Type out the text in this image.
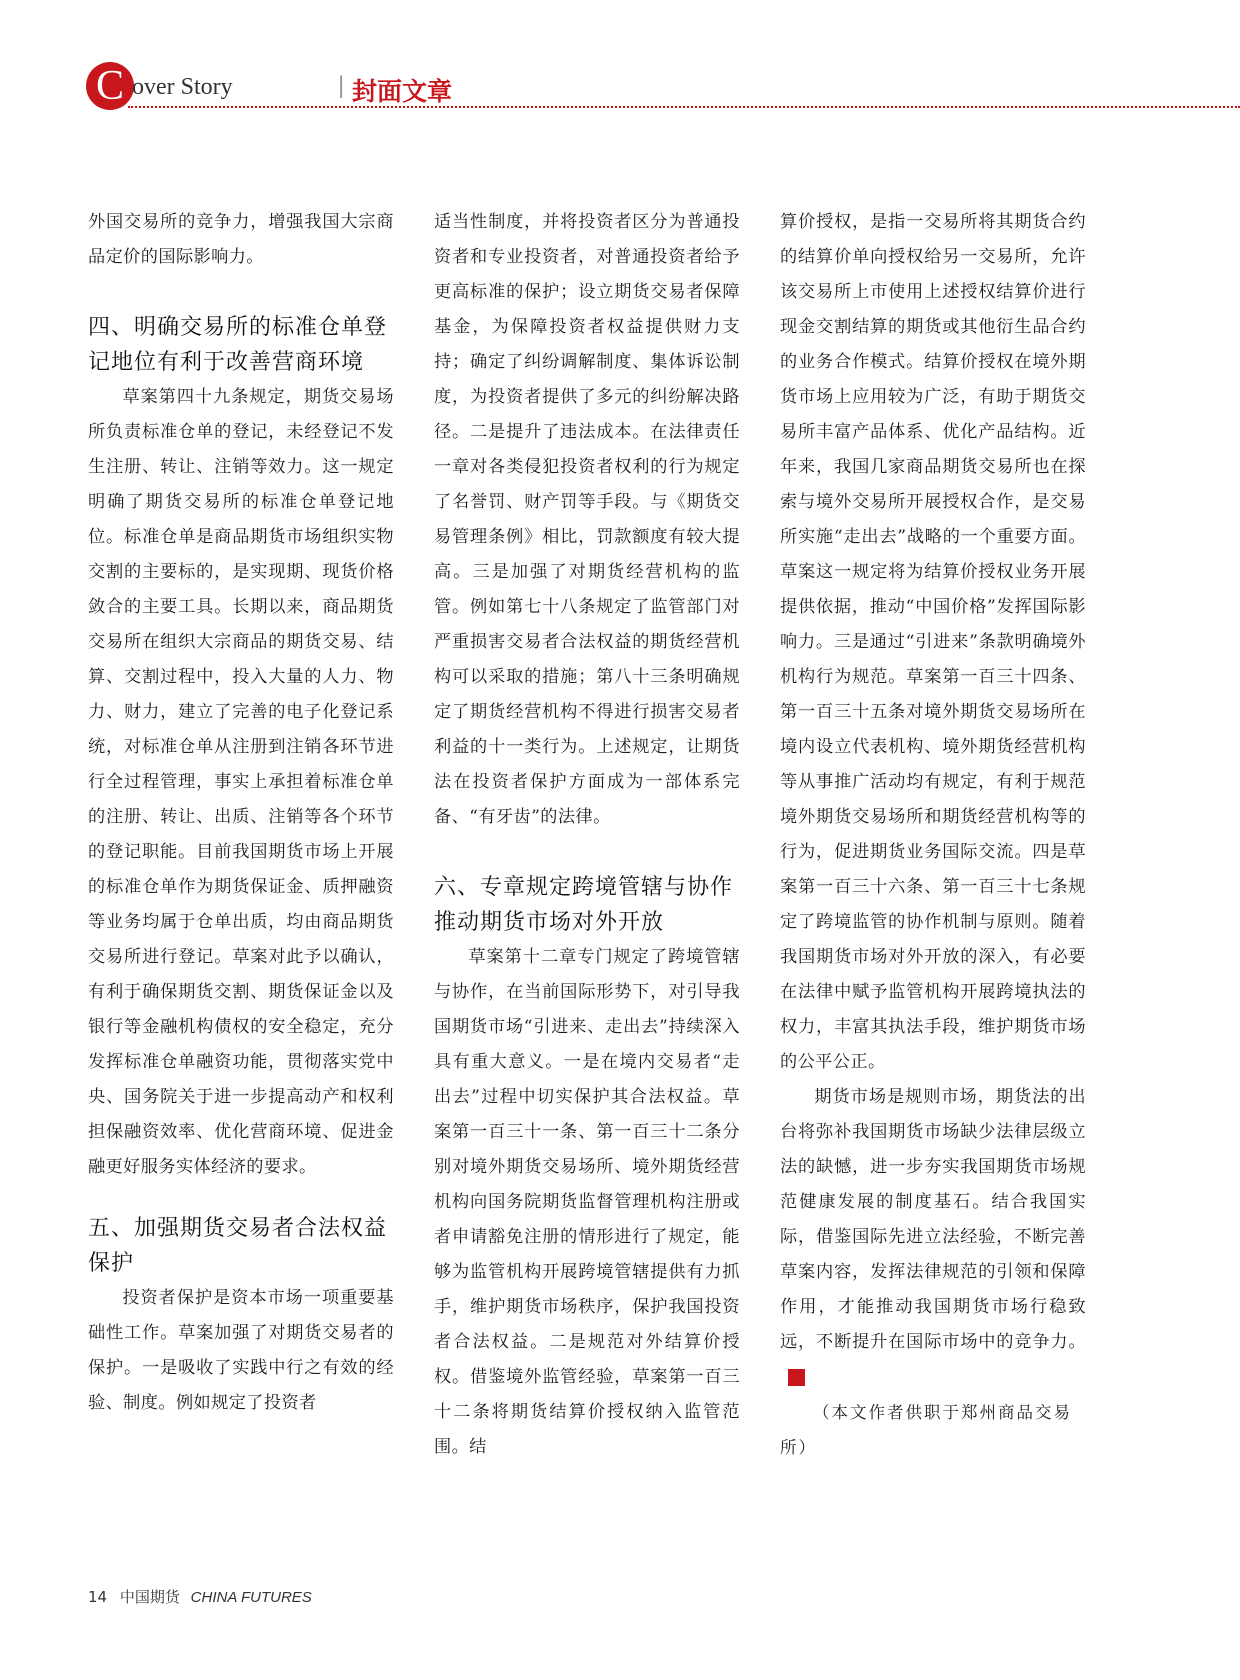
C over Story	| 封面文章

外国交易所的竞争力，增强我国大宗商品定价的国际影响力。

四、明确交易所的标准仓单登记地位有利于改善营商环境

草案第四十九条规定，期货交易场所负责标准仓单的登记，未经登记不发生注册、转让、注销等效力。这一规定明确了期货交易所的标准仓单登记地位。标准仓单是商品期货市场组织实物交割的主要标的，是实现期、现货价格敛合的主要工具。长期以来，商品期货交易所在组织大宗商品的期货交易、结算、交割过程中，投入大量的人力、物力、财力，建立了完善的电子化登记系统，对标准仓单从注册到注销各环节进行全过程管理，事实上承担着标准仓单的注册、转让、出质、注销等各个环节的登记职能。目前我国期货市场上开展的标准仓单作为期货保证金、质押融资等业务均属于仓单出质，均由商品期货交易所进行登记。草案对此予以确认，有利于确保期货交割、期货保证金以及银行等金融机构债权的安全稳定，充分发挥标准仓单融资功能，贯彻落实党中央、国务院关于进一步提高动产和权利担保融资效率、优化营商环境、促进金融更好服务实体经济的要求。

五、加强期货交易者合法权益保护

投资者保护是资本市场一项重要基础性工作。草案加强了对期货交易者的保护。一是吸收了实践中行之有效的经验、制度。例如规定了投资者

适当性制度，并将投资者区分为普通投资者和专业投资者，对普通投资者给予更高标准的保护；设立期货交易者保障基金，为保障投资者权益提供财力支持；确定了纠纷调解制度、集体诉讼制度，为投资者提供了多元的纠纷解决路径。二是提升了违法成本。在法律责任一章对各类侵犯投资者权利的行为规定了名誉罚、财产罚等手段。与《期货交易管理条例》相比，罚款额度有较大提高。三是加强了对期货经营机构的监管。例如第七十八条规定了监管部门对严重损害交易者合法权益的期货经营机构可以采取的措施；第八十三条明确规定了期货经营机构不得进行损害交易者利益的十一类行为。上述规定，让期货法在投资者保护方面成为一部体系完备、“有牙齿”的法律。

六、专章规定跨境管辖与协作推动期货市场对外开放

草案第十二章专门规定了跨境管辖与协作，在当前国际形势下，对引导我国期货市场“引进来、走出去”持续深入具有重大意义。一是在境内交易者“走出去”过程中切实保护其合法权益。草案第一百三十一条、第一百三十二条分别对境外期货交易场所、境外期货经营机构向国务院期货监督管理机构注册或者申请豁免注册的情形进行了规定，能够为监管机构开展跨境管辖提供有力抓手，维护期货市场秩序，保护我国投资者合法权益。二是规范对外结算价授权。借鉴境外监管经验，草案第一百三十二条将期货结算价授权纳入监管范围。结

算价授权，是指一交易所将其期货合约的结算价单向授权给另一交易所，允许该交易所上市使用上述授权结算价进行现金交割结算的期货或其他衍生品合约的业务合作模式。结算价授权在境外期货市场上应用较为广泛，有助于期货交易所丰富产品体系、优化产品结构。近年来，我国几家商品期货交易所也在探索与境外交易所开展授权合作，是交易所实施“走出去”战略的一个重要方面。草案这一规定将为结算价授权业务开展提供依据，推动“中国价格”发挥国际影响力。三是通过“引进来”条款明确境外机构行为规范。草案第一百三十四条、第一百三十五条对境外期货交易场所在境内设立代表机构、境外期货经营机构等从事推广活动均有规定，有利于规范境外期货交易场所和期货经营机构等的行为，促进期货业务国际交流。四是草案第一百三十六条、第一百三十七条规定了跨境监管的协作机制与原则。随着我国期货市场对外开放的深入，有必要在法律中赋予监管机构开展跨境执法的权力，丰富其执法手段，维护期货市场的公平公正。

期货市场是规则市场，期货法的出台将弥补我国期货市场缺少法律层级立法的缺憾，进一步夯实我国期货市场规范健康发展的制度基石。结合我国实际，借鉴国际先进立法经验，不断完善草案内容，发挥法律规范的引领和保障作用，才能推动我国期货市场行稳致远，不断提升在国际市场中的竞争力。回

（本文作者供职于郑州商品交易所）

14 中国期货 CHINA FUTURES
